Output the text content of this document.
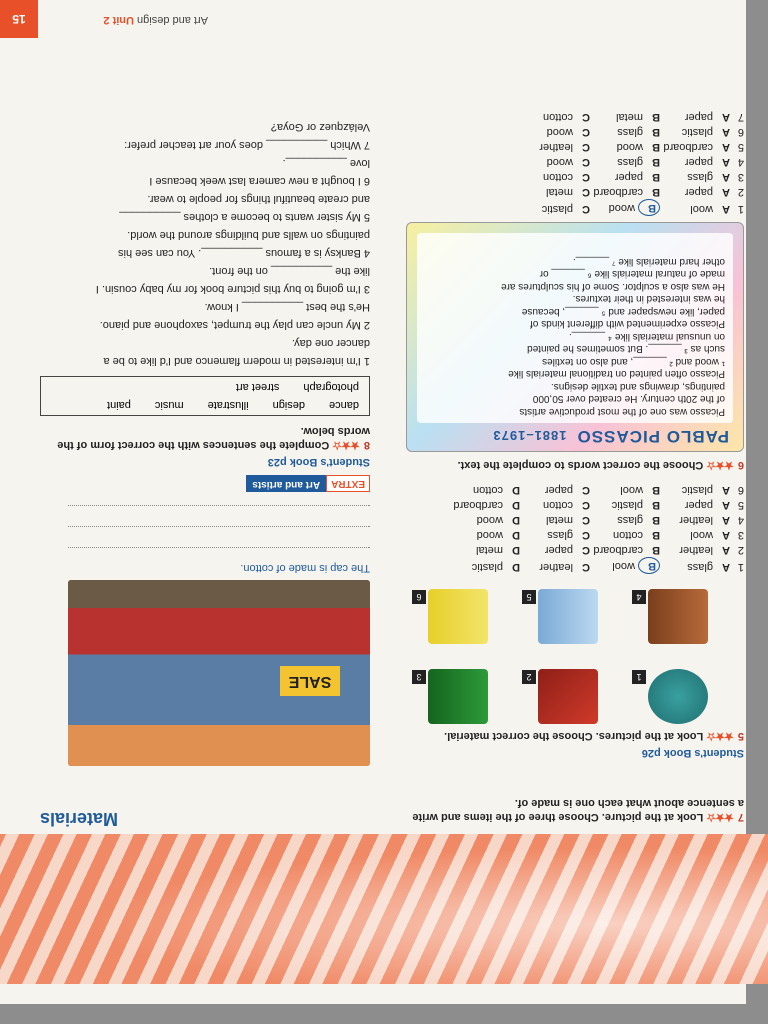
15	Art and design Unit 2
Materials	7★★☆Look at the picture. Choose three of the items and write a sentence about what each one is made of.
SALE
The cap is made of cotton.
Student's Book p26
5★★☆Look at the pictures. Choose the correct material.
1
A glass
B wool
C leather
D plastic
2
A leather
B cardboard
C paper
D metal
3
A wool
B cotton
C glass
D wood
4
A leather
B glass
C metal
D wood
5
A paper
B plastic
C cotton
D cardboard
6
A plastic
B wool
C paper
D cotton
6★★☆Choose the correct words to complete the text.
PABLO PICASSO1881–1973
Picasso was one of the most productive artists
of the 20th century. He created over 50,000
paintings, drawings and textile designs.
Picasso often painted on traditional materials like
¹ wood and ² ______, and also on textiles
such as ³ ______. But sometimes he painted
on unusual materials like ⁴ ______.
Picasso experimented with different kinds of
paper, like newspaper and ⁵ ______, because
he was interested in their textures.
He was also a sculptor. Some of his sculptures are
made of natural materials like ⁶ ______ or
other hard materials like ⁷ ______.
1
A wool
B wood
C plastic
2
A paper
B cardboard
C metal
3
A glass
B paper
C cotton
4
A paper
B glass
C wood
5
A cardboard
B wood
C leather
6
A plastic
B glass
C wood
7
A paper
B metal
C cotton
EXTRA
Art and artists
Student's Book p23
8★★☆Complete the sentences with the correct form of the words below.
dance
design
illustrate
music
paint
photograph
street art
1 I'm interested in modern flamenco and I'd like to be a
dancer one day.
2 My uncle can play the trumpet, saxophone and piano.
He's the best __________ I know.
3 I'm going to buy this picture book for my baby cousin. I
like the __________ on the front.
4 Banksy is a famous __________. You can see his
paintings on walls and buildings around the world.
5 My sister wants to become a clothes __________
and create beautiful things for people to wear.
6 I bought a new camera last week because I
love __________.
7 Which __________ does your art teacher prefer:
Velázquez or Goya?
1
2
3
4
5
6
